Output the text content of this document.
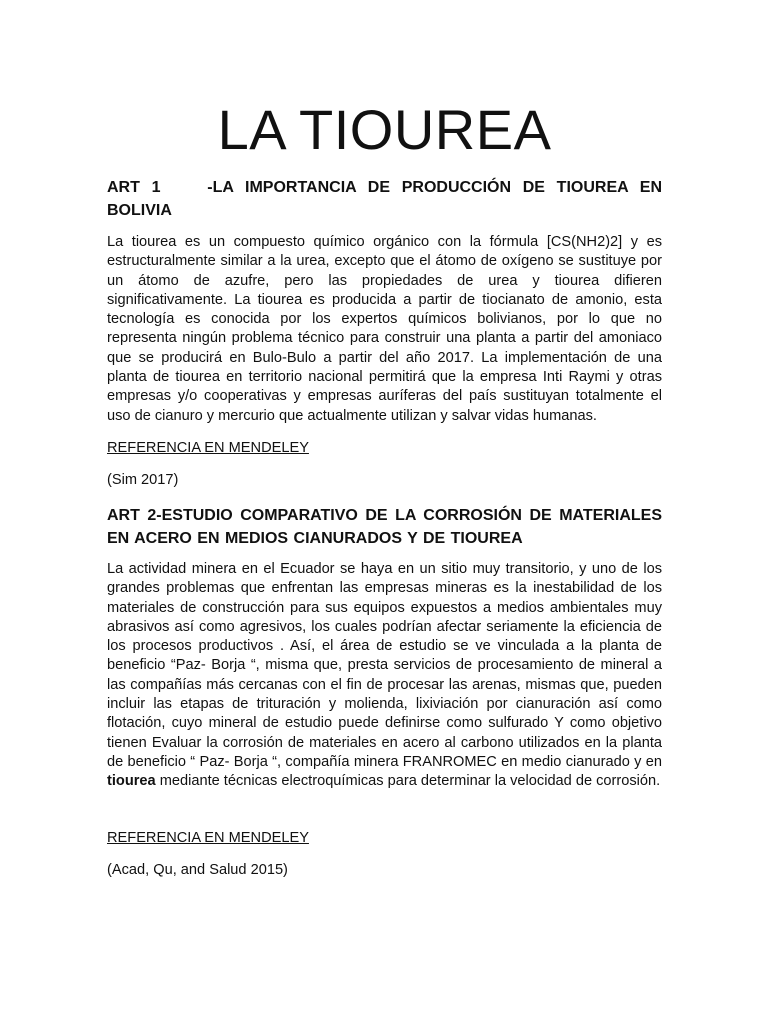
LA TIOUREA
ART 1    -LA IMPORTANCIA DE PRODUCCIÓN DE TIOUREA EN BOLIVIA

La tiourea es un compuesto químico orgánico con la fórmula [CS(NH2)2] y es estructuralmente similar a la urea, excepto que el átomo de oxígeno se sustituye por un átomo de azufre, pero las propiedades de urea y tiourea difieren significativamente. La tiourea es producida a partir de tiocianato de amonio, esta tecnología es conocida por los expertos químicos bolivianos, por lo que no representa ningún problema técnico para construir una planta a partir del amoniaco que se producirá en Bulo-Bulo a partir del año 2017. La implementación de una planta de tiourea en territorio nacional permitirá que la empresa Inti Raymi y otras empresas y/o cooperativas y empresas auríferas del país sustituyan totalmente el uso de cianuro y mercurio que actualmente utilizan y salvar vidas humanas.

REFERENCIA EN MENDELEY

(Sim 2017)

ART 2-ESTUDIO COMPARATIVO DE LA CORROSIÓN DE MATERIALES EN ACERO EN MEDIOS CIANURADOS Y DE TIOUREA

La actividad minera en el Ecuador se haya en un sitio muy transitorio, y uno de los grandes problemas que enfrentan las empresas mineras es la inestabilidad de los materiales de construcción para sus equipos expuestos a medios ambientales muy abrasivos así como agresivos, los cuales podrían afectar seriamente la eficiencia de los procesos productivos . Así, el área de estudio se ve vinculada a la planta de beneficio “Paz- Borja “, misma que, presta servicios de procesamiento de mineral a las compañías más cercanas con el fin de procesar las arenas, mismas que, pueden incluir las etapas de trituración y molienda, lixiviación por cianuración así como flotación, cuyo mineral de estudio puede definirse como sulfurado Y como objetivo tienen Evaluar la corrosión de materiales en acero al carbono utilizados en la planta de beneficio “ Paz- Borja “, compañía minera FRANROMEC en medio cianurado y en tiourea mediante técnicas electroquímicas para determinar la velocidad de corrosión.

REFERENCIA EN MENDELEY

(Acad, Qu, and Salud 2015)
